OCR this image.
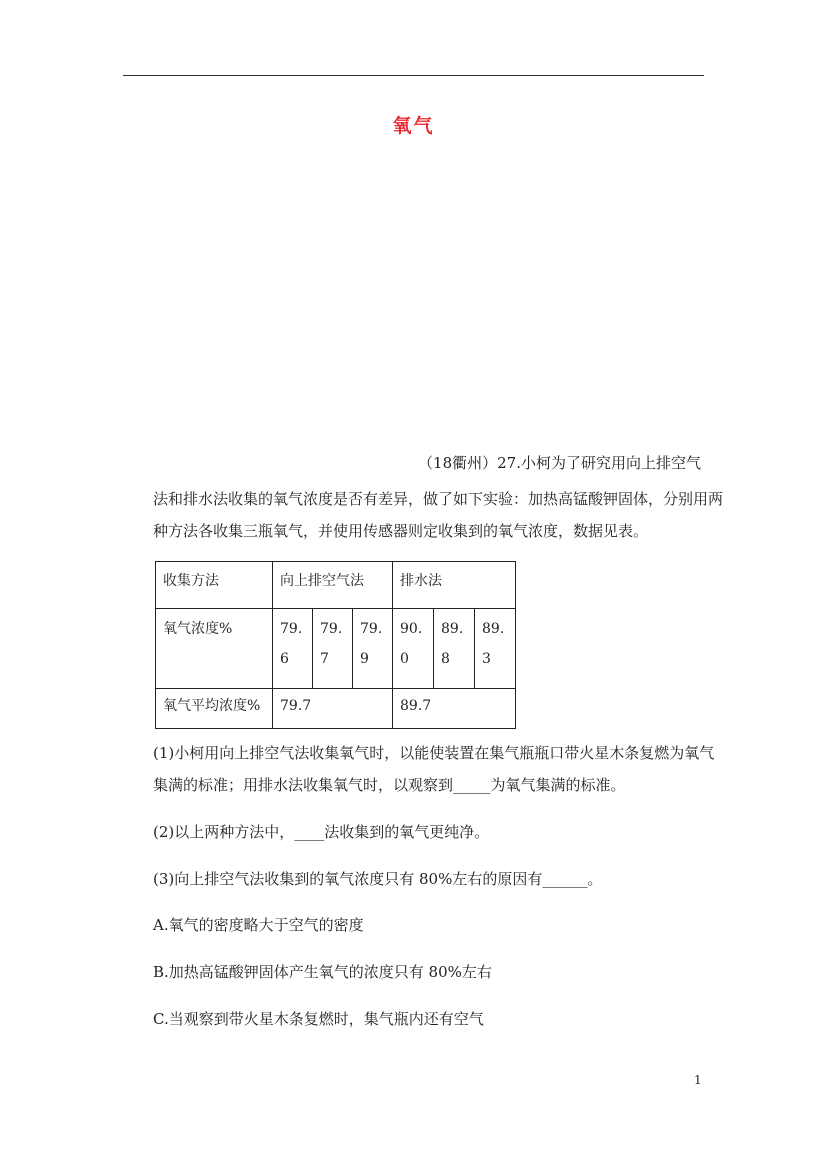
氧气
（18衢州）27.小柯为了研究用向上排空气
法和排水法收集的氧气浓度是否有差异，做了如下实验：加热高锰酸钾固体，分别用两
种方法各收集三瓶氧气，并使用传感器则定收集到的氧气浓度，数据见表。
收集方法	向上排空气法			排水法		
氧气浓度%	79.6	79.7	79.9	90.0	89.8	89.3
氧气平均浓度%	79.7			89.7		
(1)小柯用向上排空气法收集氧气时，以能使装置在集气瓶瓶口带火星木条复燃为氧气
集满的标准；用排水法收集氧气时，以观察到_____为氧气集满的标准。
(2)以上两种方法中，____法收集到的氧气更纯净。
(3)向上排空气法收集到的氧气浓度只有 80%左右的原因有______。
A.氧气的密度略大于空气的密度
B.加热高锰酸钾固体产生氧气的浓度只有 80%左右
C.当观察到带火星木条复燃时，集气瓶内还有空气
1
